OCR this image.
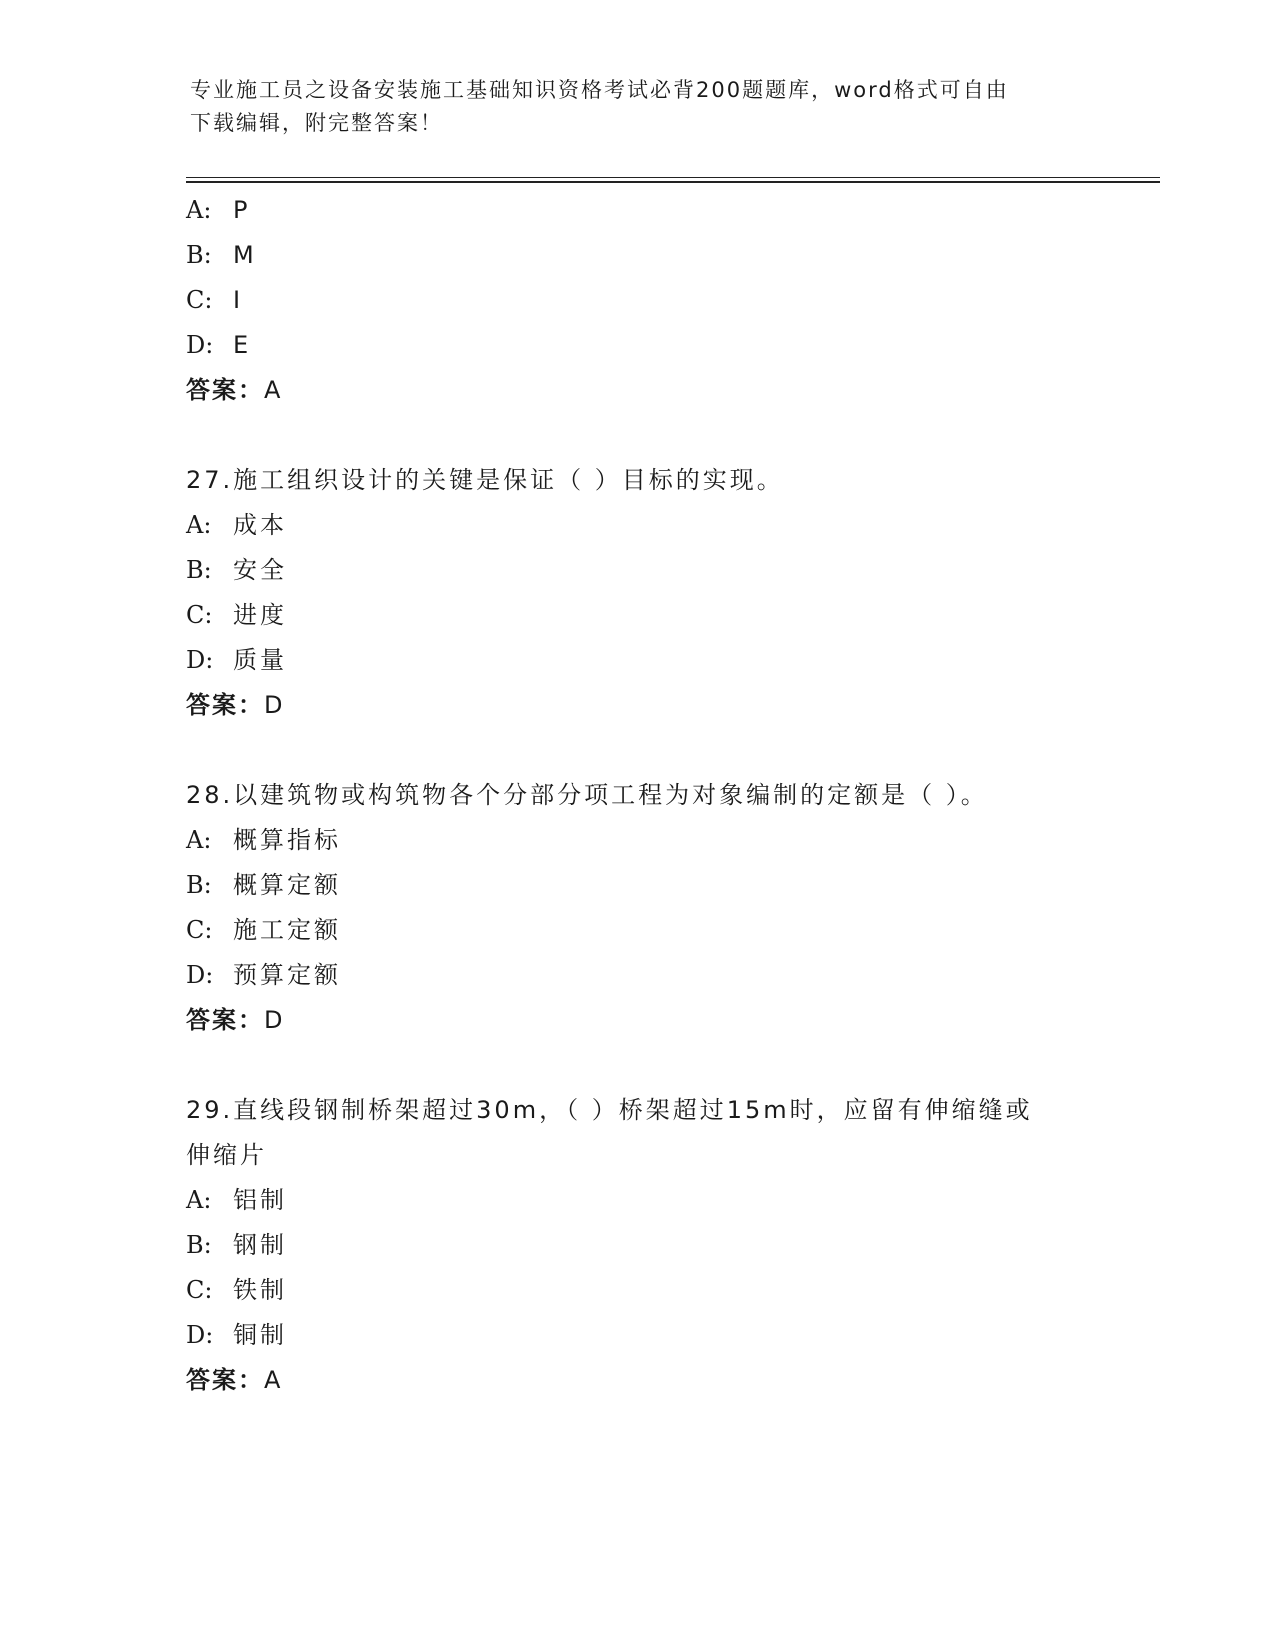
专业施工员之设备安装施工基础知识资格考试必背200题题库，word格式可自由
下载编辑，附完整答案！
A: P
B: M
C: I
D: E
答案：A
27.施工组织设计的关键是保证（ ）目标的实现。
A: 成本
B: 安全
C: 进度
D: 质量
答案：D
28.以建筑物或构筑物各个分部分项工程为对象编制的定额是（ ）。
A: 概算指标
B: 概算定额
C: 施工定额
D: 预算定额
答案：D
29.直线段钢制桥架超过30m，（ ）桥架超过15m时，应留有伸缩缝或
伸缩片
A: 铝制
B: 钢制
C: 铁制
D: 铜制
答案：A
